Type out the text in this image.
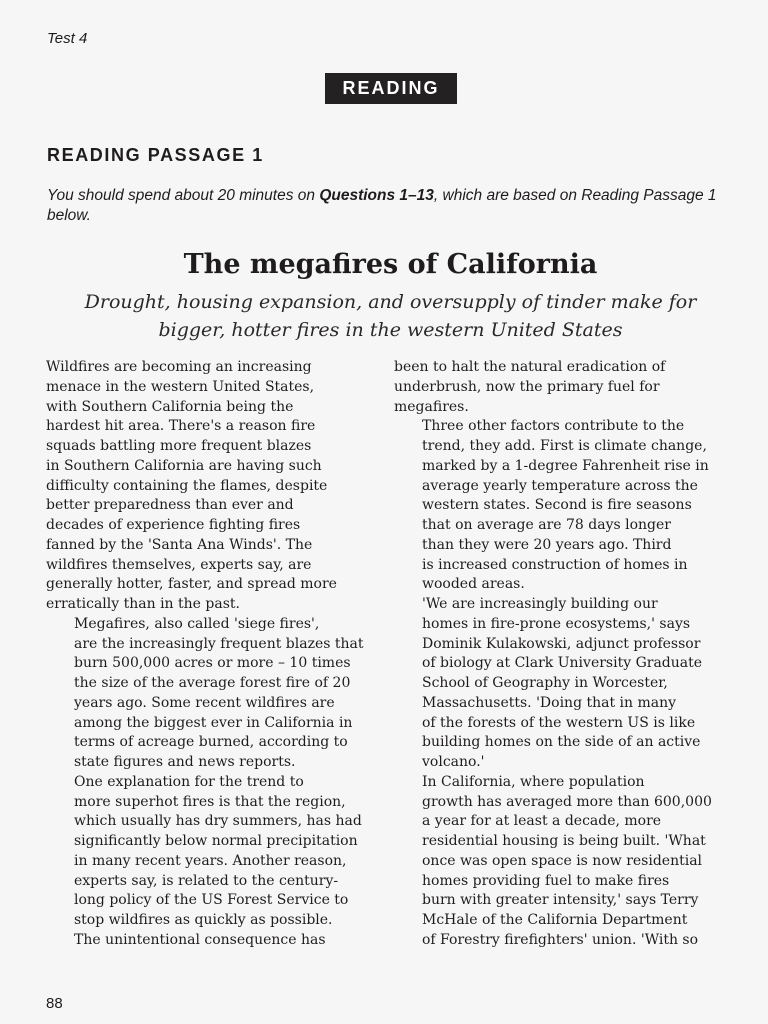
Test 4
READING
READING PASSAGE 1
You should spend about 20 minutes on Questions 1–13, which are based on Reading Passage 1 below.
The megafires of California
Drought, housing expansion, and oversupply of tinder make for
bigger, hotter fires in the western United States

Wildfires are becoming an increasing
menace in the western United States,
with Southern California being the
hardest hit area. There's a reason fire
squads battling more frequent blazes
in Southern California are having such
difficulty containing the flames, despite
better preparedness than ever and
decades of experience fighting fires
fanned by the 'Santa Ana Winds'. The
wildfires themselves, experts say, are
generally hotter, faster, and spread more
erratically than in the past.

Megafires, also called 'siege fires',
are the increasingly frequent blazes that
burn 500,000 acres or more – 10 times
the size of the average forest fire of 20
years ago. Some recent wildfires are
among the biggest ever in California in
terms of acreage burned, according to
state figures and news reports.

One explanation for the trend to
more superhot fires is that the region,
which usually has dry summers, has had
significantly below normal precipitation
in many recent years. Another reason,
experts say, is related to the century-
long policy of the US Forest Service to
stop wildfires as quickly as possible.
The unintentional consequence has

been to halt the natural eradication of
underbrush, now the primary fuel for
megafires.

Three other factors contribute to the
trend, they add. First is climate change,
marked by a 1-degree Fahrenheit rise in
average yearly temperature across the
western states. Second is fire seasons
that on average are 78 days longer
than they were 20 years ago. Third
is increased construction of homes in
wooded areas.

'We are increasingly building our
homes in fire-prone ecosystems,' says
Dominik Kulakowski, adjunct professor
of biology at Clark University Graduate
School of Geography in Worcester,
Massachusetts. 'Doing that in many
of the forests of the western US is like
building homes on the side of an active
volcano.'

In California, where population
growth has averaged more than 600,000
a year for at least a decade, more
residential housing is being built. 'What
once was open space is now residential
homes providing fuel to make fires
burn with greater intensity,' says Terry
McHale of the California Department
of Forestry firefighters' union. 'With so

88
